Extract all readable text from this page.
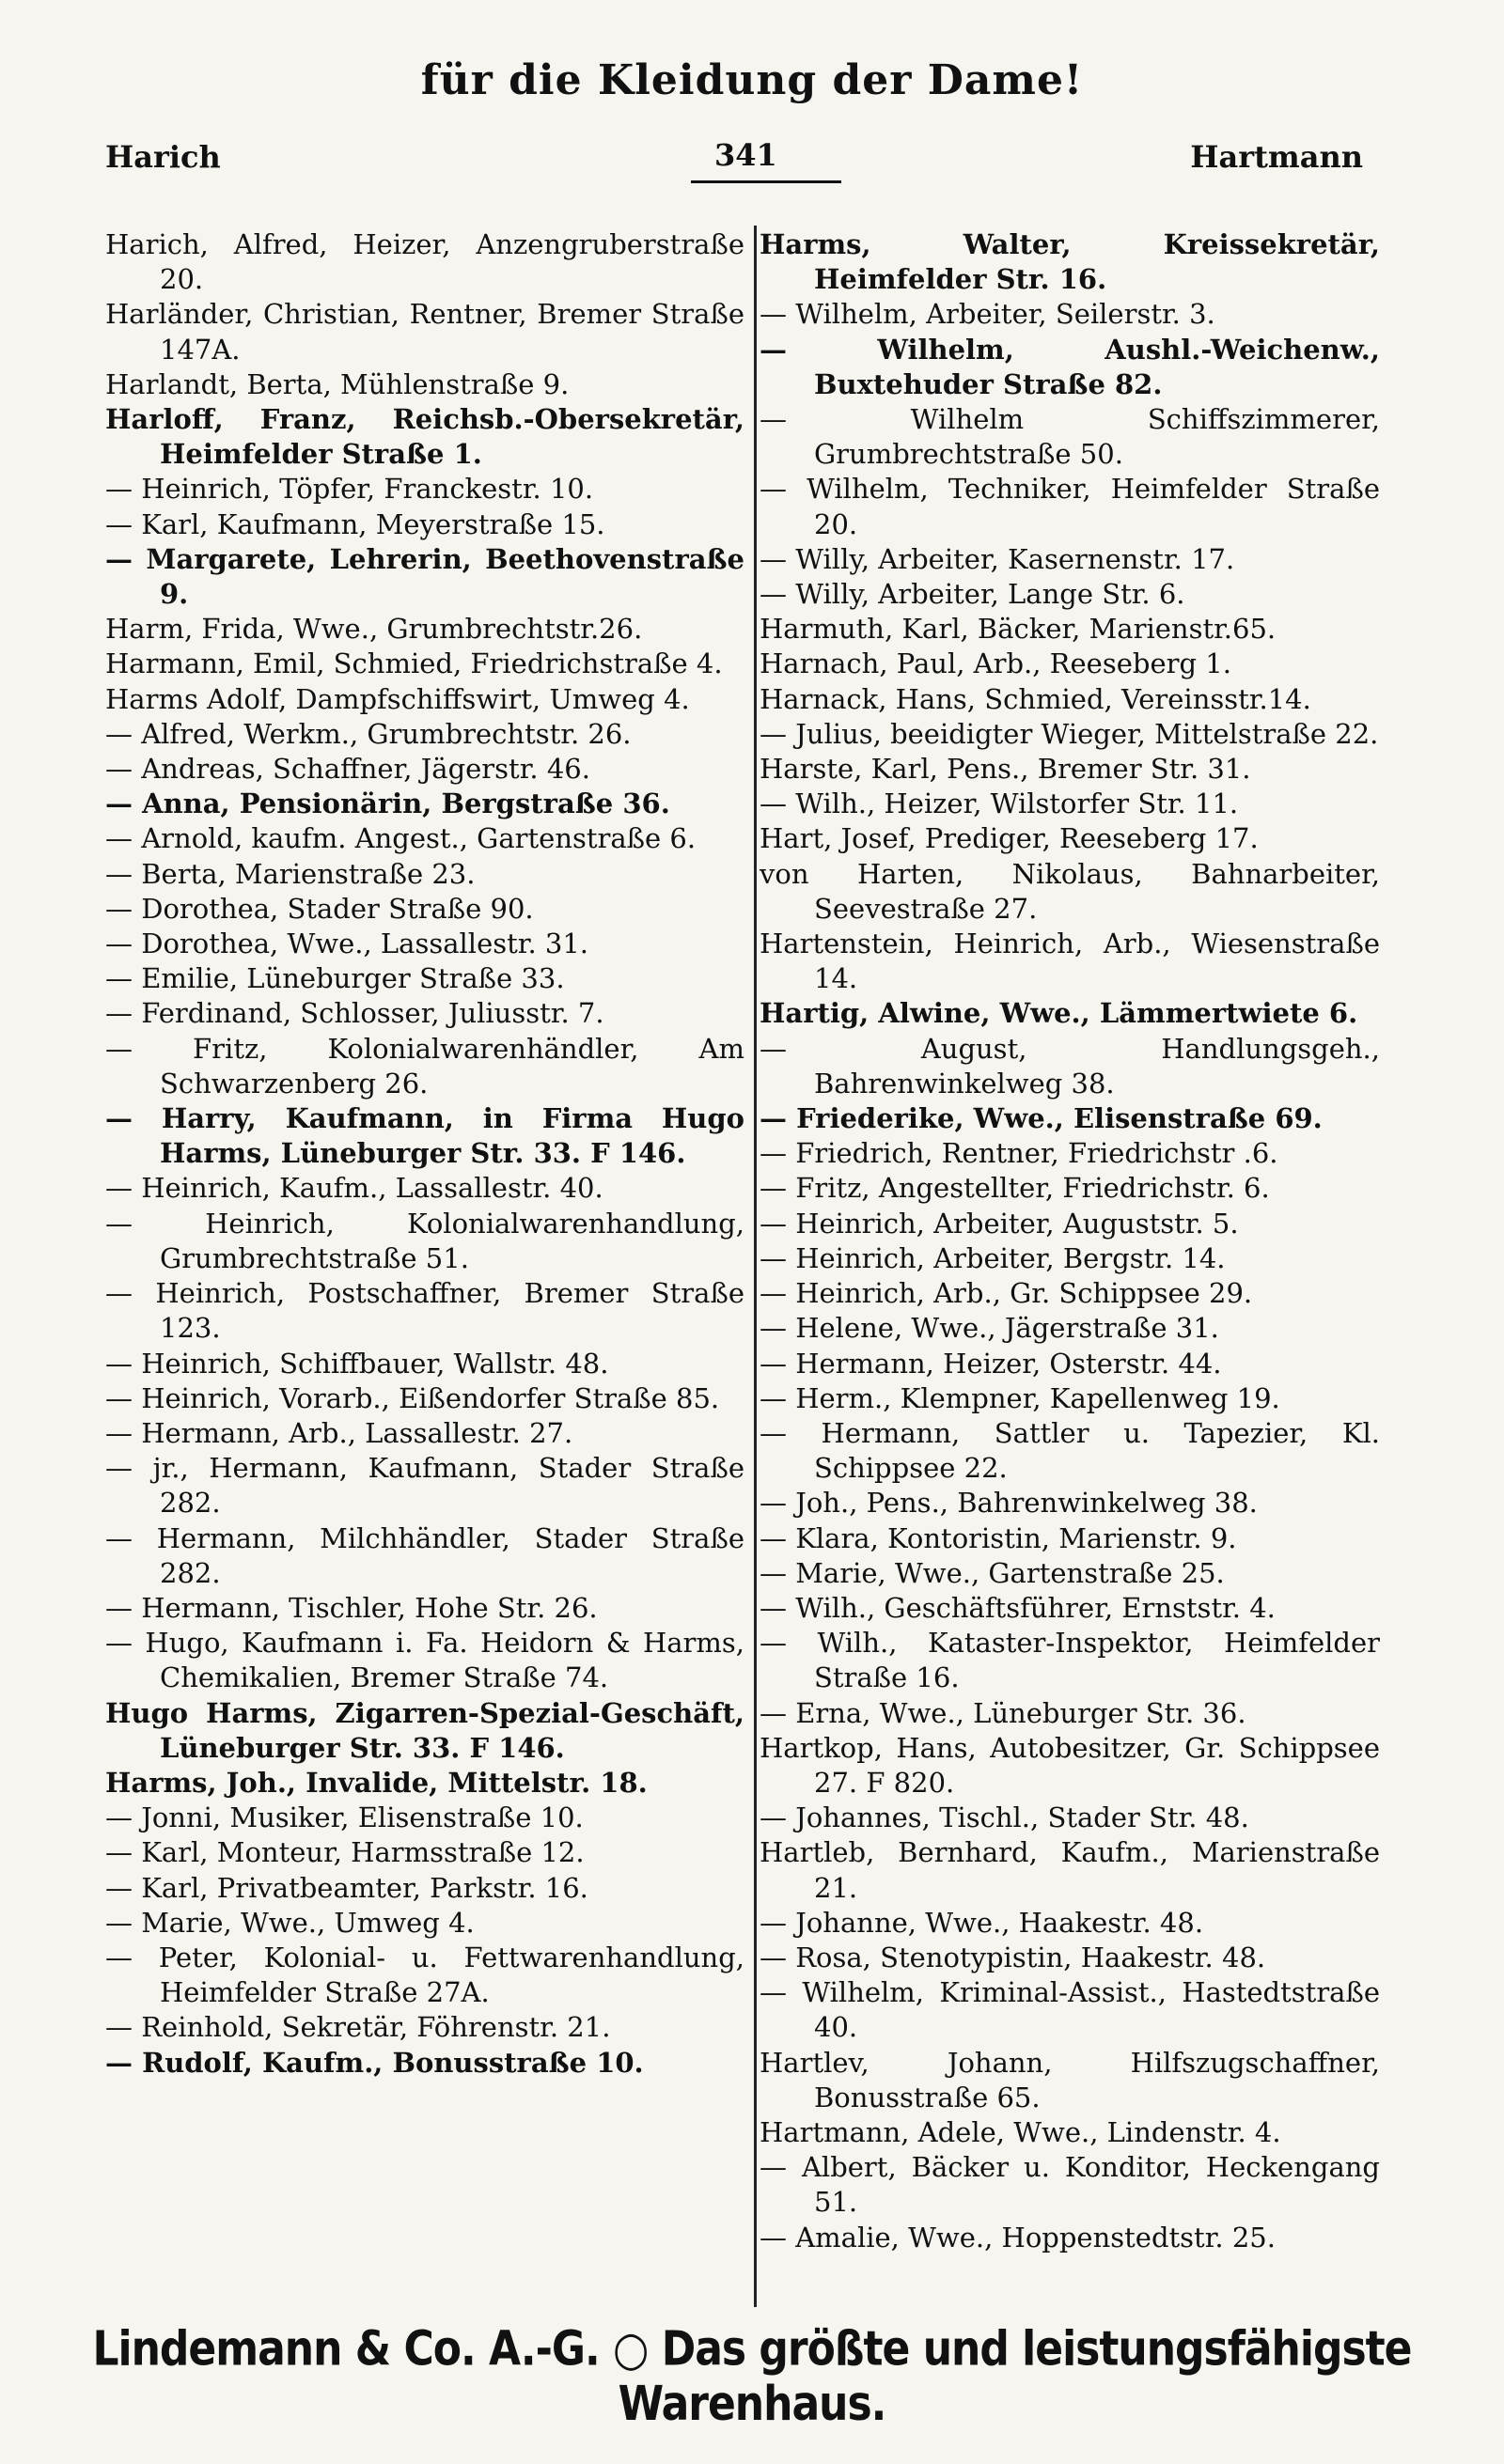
für die Kleidung der Dame!
Harich	341	Hartmann
Harich, Alfred, Heizer, Anzengruberstraße 20.
Harländer, Christian, Rentner, Bremer Straße 147A.
Harlandt, Berta, Mühlenstraße 9.
Harloff, Franz, Reichsb.-Obersekretär, Heimfelder Straße 1.
— Heinrich, Töpfer, Franckestr. 10.
— Karl, Kaufmann, Meyerstraße 15.
— Margarete, Lehrerin, Beethovenstraße 9.
Harm, Frida, Wwe., Grumbrechtstr.26.
Harmann, Emil, Schmied, Friedrichstraße 4.
Harms Adolf, Dampfschiffswirt, Umweg 4.
— Alfred, Werkm., Grumbrechtstr. 26.
— Andreas, Schaffner, Jägerstr. 46.
— Anna, Pensionärin, Bergstraße 36.
— Arnold, kaufm. Angest., Gartenstraße 6.
— Berta, Marienstraße 23.
— Dorothea, Stader Straße 90.
— Dorothea, Wwe., Lassallestr. 31.
— Emilie, Lüneburger Straße 33.
— Ferdinand, Schlosser, Juliusstr. 7.
— Fritz, Kolonialwarenhändler, Am Schwarzenberg 26.
— Harry, Kaufmann, in Firma Hugo Harms, Lüneburger Str. 33. F 146.
— Heinrich, Kaufm., Lassallestr. 40.
— Heinrich, Kolonialwarenhandlung, Grumbrechtstraße 51.
— Heinrich, Postschaffner, Bremer Straße 123.
— Heinrich, Schiffbauer, Wallstr. 48.
— Heinrich, Vorarb., Eißendorfer Straße 85.
— Hermann, Arb., Lassallestr. 27.
— jr., Hermann, Kaufmann, Stader Straße 282.
— Hermann, Milchhändler, Stader Straße 282.
— Hermann, Tischler, Hohe Str. 26.
— Hugo, Kaufmann i. Fa. Heidorn & Harms, Chemikalien, Bremer Straße 74.
Hugo Harms, Zigarren-Spezial-Geschäft, Lüneburger Str. 33. F 146.
Harms, Joh., Invalide, Mittelstr. 18.
— Jonni, Musiker, Elisenstraße 10.
— Karl, Monteur, Harmsstraße 12.
— Karl, Privatbeamter, Parkstr. 16.
— Marie, Wwe., Umweg 4.
— Peter, Kolonial- u. Fettwarenhandlung, Heimfelder Straße 27A.
— Reinhold, Sekretär, Föhrenstr. 21.
— Rudolf, Kaufm., Bonusstraße 10.
Harms, Walter, Kreissekretär, Heimfelder Str. 16.
— Wilhelm, Arbeiter, Seilerstr. 3.
— Wilhelm, Aushl.-Weichenw., Buxtehuder Straße 82.
— Wilhelm Schiffszimmerer, Grumbrechtstraße 50.
— Wilhelm, Techniker, Heimfelder Straße 20.
— Willy, Arbeiter, Kasernenstr. 17.
— Willy, Arbeiter, Lange Str. 6.
Harmuth, Karl, Bäcker, Marienstr.65.
Harnach, Paul, Arb., Reeseberg 1.
Harnack, Hans, Schmied, Vereinsstr.14.
— Julius, beeidigter Wieger, Mittelstraße 22.
Harste, Karl, Pens., Bremer Str. 31.
— Wilh., Heizer, Wilstorfer Str. 11.
Hart, Josef, Prediger, Reeseberg 17.
von Harten, Nikolaus, Bahnarbeiter, Seevestraße 27.
Hartenstein, Heinrich, Arb., Wiesenstraße 14.
Hartig, Alwine, Wwe., Lämmertwiete 6.
— August, Handlungsgeh., Bahrenwinkelweg 38.
— Friederike, Wwe., Elisenstraße 69.
— Friedrich, Rentner, Friedrichstr .6.
— Fritz, Angestellter, Friedrichstr. 6.
— Heinrich, Arbeiter, Auguststr. 5.
— Heinrich, Arbeiter, Bergstr. 14.
— Heinrich, Arb., Gr. Schippsee 29.
— Helene, Wwe., Jägerstraße 31.
— Hermann, Heizer, Osterstr. 44.
— Herm., Klempner, Kapellenweg 19.
— Hermann, Sattler u. Tapezier, Kl. Schippsee 22.
— Joh., Pens., Bahrenwinkelweg 38.
— Klara, Kontoristin, Marienstr. 9.
— Marie, Wwe., Gartenstraße 25.
— Wilh., Geschäftsführer, Ernststr. 4.
— Wilh., Kataster-Inspektor, Heimfelder Straße 16.
— Erna, Wwe., Lüneburger Str. 36.
Hartkop, Hans, Autobesitzer, Gr. Schippsee 27. F 820.
— Johannes, Tischl., Stader Str. 48.
Hartleb, Bernhard, Kaufm., Marienstraße 21.
— Johanne, Wwe., Haakestr. 48.
— Rosa, Stenotypistin, Haakestr. 48.
— Wilhelm, Kriminal-Assist., Hastedtstraße 40.
Hartlev, Johann, Hilfszugschaffner, Bonusstraße 65.
Hartmann, Adele, Wwe., Lindenstr. 4.
— Albert, Bäcker u. Konditor, Heckengang 51.
— Amalie, Wwe., Hoppenstedtstr. 25.
Lindemann & Co. A.-G. ○ Das größte und leistungsfähigste Warenhaus.
